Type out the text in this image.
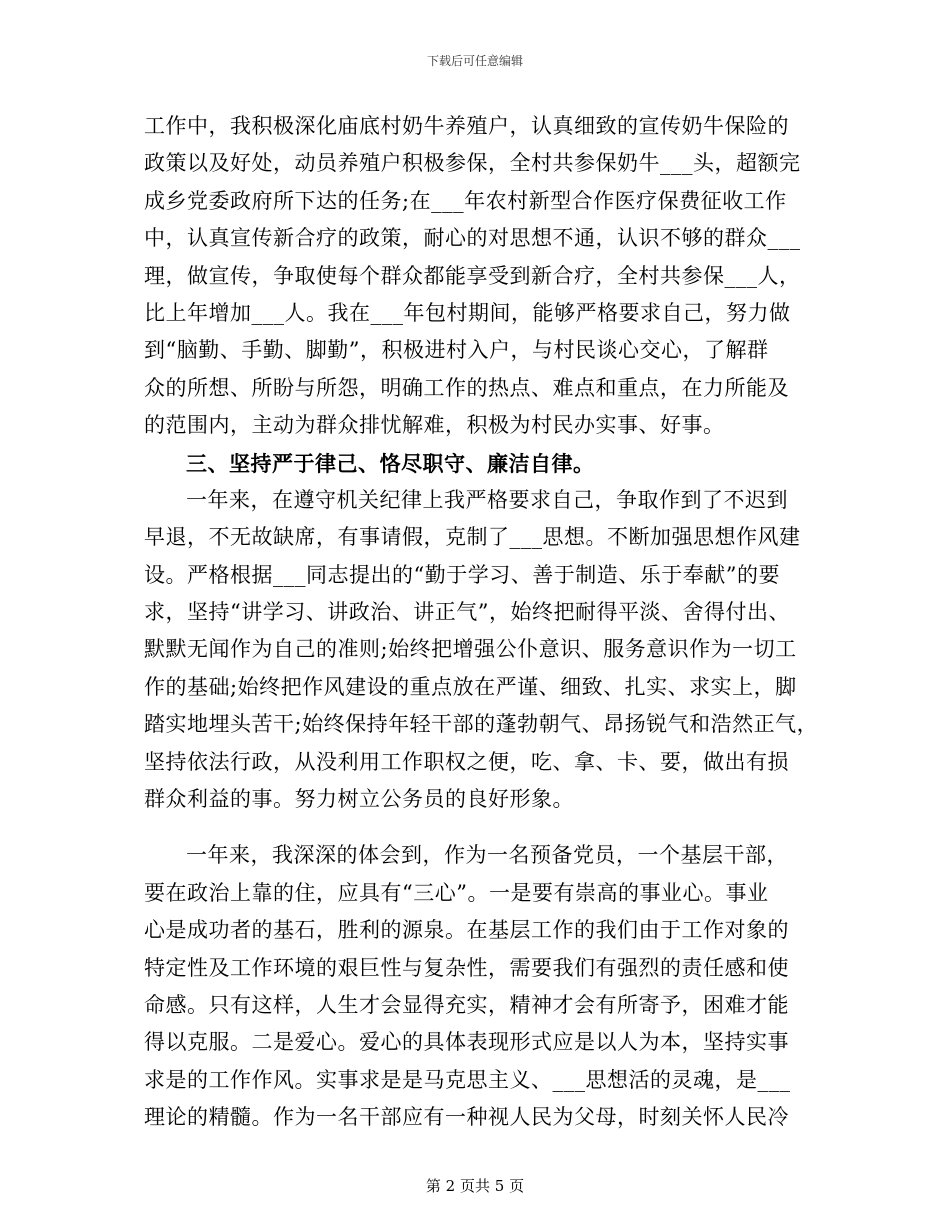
下载后可任意编辑
工作中，我积极深化庙底村奶牛养殖户，认真细致的宣传奶牛保险的
政策以及好处，动员养殖户积极参保，全村共参保奶牛___头，超额完
成乡党委政府所下达的任务;在___年农村新型合作医疗保费征收工作
中，认真宣传新合疗的政策，耐心的对思想不通，认识不够的群众___
理，做宣传，争取使每个群众都能享受到新合疗，全村共参保___人，
比上年增加___人。我在___年包村期间，能够严格要求自己，努力做
到“脑勤、手勤、脚勤”，积极进村入户，与村民谈心交心，了解群
众的所想、所盼与所怨，明确工作的热点、难点和重点，在力所能及
的范围内，主动为群众排忧解难，积极为村民办实事、好事。
三、坚持严于律己、恪尽职守、廉洁自律。
一年来，在遵守机关纪律上我严格要求自己，争取作到了不迟到
早退，不无故缺席，有事请假，克制了___思想。不断加强思想作风建
设。严格根据___同志提出的“勤于学习、善于制造、乐于奉献”的要
求，坚持“讲学习、讲政治、讲正气”，始终把耐得平淡、舍得付出、
默默无闻作为自己的准则;始终把增强公仆意识、服务意识作为一切工
作的基础;始终把作风建设的重点放在严谨、细致、扎实、求实上，脚
踏实地埋头苦干;始终保持年轻干部的蓬勃朝气、昂扬锐气和浩然正气，
坚持依法行政，从没利用工作职权之便，吃、拿、卡、要，做出有损
群众利益的事。努力树立公务员的良好形象。
一年来，我深深的体会到，作为一名预备党员，一个基层干部，
要在政治上靠的住，应具有“三心”。一是要有崇高的事业心。事业
心是成功者的基石，胜利的源泉。在基层工作的我们由于工作对象的
特定性及工作环境的艰巨性与复杂性，需要我们有强烈的责任感和使
命感。只有这样，人生才会显得充实，精神才会有所寄予，困难才能
得以克服。二是爱心。爱心的具体表现形式应是以人为本，坚持实事
求是的工作作风。实事求是是马克思主义、___思想活的灵魂，是___
理论的精髓。作为一名干部应有一种视人民为父母，时刻关怀人民冷
第 2 页共 5 页
